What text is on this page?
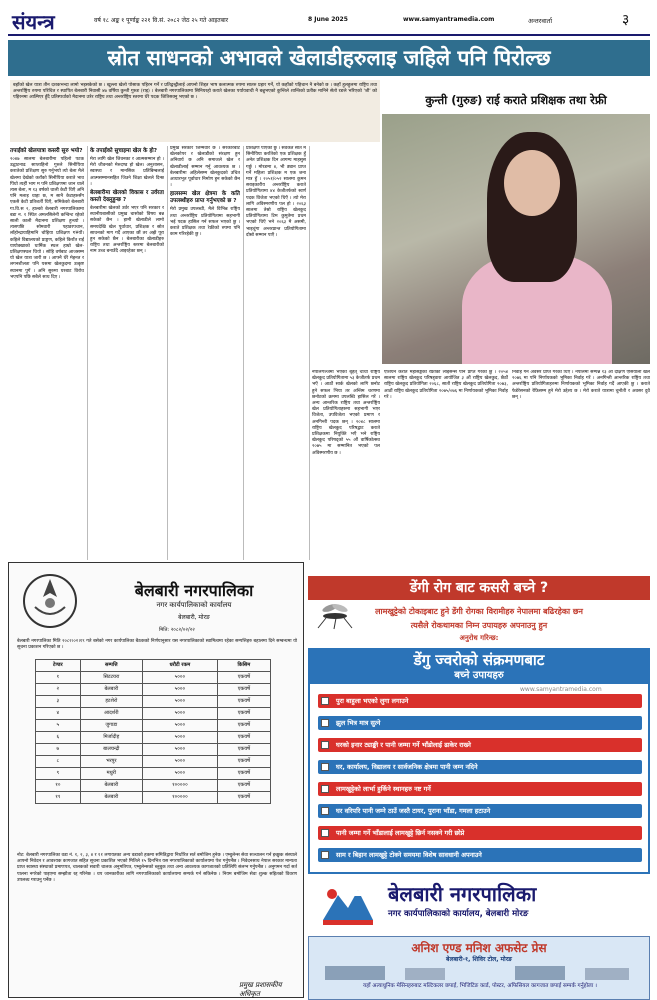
संयन्त्र	वर्ष १८ अङ्क १ पूर्णाङ्क २२१ वि.सं. २०८२ जेठ २५ गते आइतबार	8 June 2025	www.samyantramedia.com	अन्तरवार्ता	३
स्रोत साधनको अभावले खेलाडीहरुलाइ जहिले पनि पिरोल्छ

बहाँको खेल यात्रा तीन दशकभन्दा लामो भइसकेको छ । खुल्ला खेलो पोसाक पहिरन गर्ने र प्रतिद्वन्द्वीलाई आफ्नो शिद्दत भाष कलात्मक रुपमा सातरु प्रहार गर्ने, यो कहाँको पहिचान नै बनेको छ । कहाँ हुलहुलमा राष्ट्रिय तथा अन्तर्राष्ट्रिय रुपमा परिचित र स्थापित बेलबारी निवासी ४७ वर्षिया कुन्ती गुरुङ (राइ) । बेलबारी नगरपालिकामा सिनियरहो कराते खेलका पर्यायवाची नै बन्नुभएको कुन्तिले शान्तिको प्रतीक मानिने सेतो रङले भरिएको 'जी' को पहिरनमा आत्मिएर हुँदै प्रतिस्पर्धाको मैदानमा उत्रेर राष्ट्रिय तथा अन्तर्राष्ट्रिय स्तरमा धेरै पदक जितिसक्नु भएको छ ।	कुन्ती (गुरुङ) राई कराते प्रशिक्षक तथा रेफ्री
तपाईको खेलयात्रा कसरी सुरु भयो?

२०४७ सालमा बेलबारीमा पहिलो पटक उद्घाटनाढ साप्ताहिनो गुरुले सिनीयिया करातेको प्रशिक्षण सुरु गर्नुभयो त्यो बेला मैले खेलमा देखेको कराँको सिनीयिया कराते भाव पिंधो त्यहीं भाग म पनि प्रशिक्षणमा जान थालें त्यस बेला, म १३ वर्षको थाली केटी थिएँ अनि पनि मलाइ थाहा छ, म सानै केटाहरुसँग एकसै केटी प्रतिशर्ती थिएँ, समिकेको बेलबारी गा.वि.स २, हाल्को बेलबारी नगरपालिकामा बडा न. १ स्थित अमलसिलेनी कन्विन्ट रहेको साली काली मैदानमा प्रशिक्षण हुन्थ्यो । त्यसपछि सोमवारी पहाडरपचान, लाँहोन्द्रायाहिमानि चोहिया प्रशिक्षण ग¥यौं। कहिले विद्यालयको प्राङ्गण, कहिले किराँत राई यायोक्खाको धार्मिक स्थल हाम्रो खेल-प्रशिक्षणस्थल थियो । सोहि वर्षबाट आजसम्म यो खेल यात्रा जारी छ । आफ्नै धेरै मेहनत र लगनशीलता पनि यसमा खेलकुदमा उत्कृष्ट स्थानमा पुगें । अनि सुरुमा घरबाट विरोध भएपनि पछि सबैले साथ दिए ।

के तपाईको सुचाइमा खेल के हो?

मेरा लागि खेल जिवनका र आत्मसम्मान हो । मेरो जीवनको मेरुदण्ड हो खेल। अनुशासन, स्वास्थ्य र मानसिक प्रतिबिम्बलाई आत्मसम्मानसहित जिउने शिक्षा खेलले दिन्छ ।

बेलबारीमा खेलको विकास र उर्वरता कस्तो देख्नुहुन्छ ?

बेलबारीमा खेलको उर्वर भएर पनि सरकार र स्थानीयबासीको प्रमुख चासोको विषय बन्न सकेको छैन । हामी खेलाडीले लामो समयदेखि खेल पूर्वाधार, प्रशिक्षक र स्रोत साधनको माग गर्दै आएका छौं तर अझै पूरा हुन सकेको छैन । बेलबारीका खेलाडीहरु राष्ट्रिय तथा अन्तर्राष्ट्रिय स्तरमा बेलबारीको नाम उच्च बनाउँदै आइरहेका छन् ।

प्रमुख सरकार जिम्मेवार छ । सरकारबाट खेलकोपर र खेलाडीको संरक्षण हुन अनिवार्य छ अनि समाजले खेल र खेलाडीलाई सम्मान गर्नु आवश्यक छ । बेलबारीमा अहिलेसम्म खेलकुदको उचित आधारभूत पूर्वाधार निर्माण हुन सकेको छैन ।

हालसम्म खेल क्षेत्रमा के कति उपलब्धीहरु प्राप्त गर्नुभएको छ ?

मेरो प्रमुख उपलब्धी, मैले विभिन्न राष्ट्रिय तथा अन्तर्राष्ट्रिय प्रतियोगितामा सहभागी भई पदक हासिल गर्न सफल भएको छु । कराते प्रशिक्षक तथा रेफ्रीको रुपमा पनि काम गरिरहेकी छु ।

प्रशिक्षण पाएको छु । सर्वकत सात म सिनीयिया कराँतेको एक प्रशिक्षक हुँ अनेत प्रशिक्षक दिन आगम्य माहसुस गर्छु । मोरङमा ४, भी ड्यान प्राप्त गर्ने महिला प्रशिक्षक म एक जना मात्र हुँ । २०५१/०५२ सालमा कुमन सराइकारीय अन्तर्राष्ट्रिय कराते प्रतियोगितामा ४४ केजीतर्फको स्वर्ण पदक विजेता भएको थिएँ । त्यो मेरा लागि अविस्मरणीय पल हो । २०६३ सालमा तेस्रो राष्ट्रिय खेलकुद प्रतियोगितामा टिम कुमुतेमा प्रथम भएको थिएँ भने २०६३ मै असमी, भाइचुंगा अन्तरप्रान्त प्रतियोगितामा दोस्रो सम्मान पाएँ ।

नेपालगञ्जमा भएको बृहत् चौथो राष्ट्रिय खेलकुद प्रतियोगितामा ५३ केजीतर्फ प्रथम भएँ । आठौं सार्क खेलको लागि छनोट हुने सफल भिया तर अन्तिम चरणमा छनोटको क्रममा उपलब्धि हासिल गरें । अन्य आन्तरिक राष्ट्रिय तथा अन्तर्राष्ट्रिय खेल प्रतियोगिताहरुमा सहभागी भएर विजेता, उपविजेता भएको प्रमाण र अनगिन्ती पदक छन् । २०४८ सालमा राष्ट्रिय खेलकुद परिषद्बाट कराते प्रशिक्षकमा नियुक्ति भएँ भने राष्ट्रिय खेलकुद परिषद्को ५५ औं वार्षिकोत्सव २०७५ मा सम्मानित भएको पल अविस्मरणीय छ ।

एशियन कराते महासङ्घको रेफ्रीको लाइसेन्स पनि प्राप्त गरेको छु । २०५४ सालमा राष्ट्रिय खेलकुद परिषद्द्वारा आयोजित ३ औं राष्ट्रिय खेलकुद, छैठौं राष्ट्रिय खेलकुद प्रतियोगिता २०६८, सातौं राष्ट्रिय खेलकुद प्रतियोगिता २०७३, आठौं राष्ट्रिय खेलकुद प्रतियोगिता २०७५/०७६ मा निर्णायकको भूमिका निर्वाह गरें ।

निर्वाह गर्ने अवसर प्राप्त गरेको थिएँ । नेपालमा सम्पन्न १३ औं दक्षिण एसियाली खेल २०७६ मा पनि निर्णायकको भूमिका निर्वाह गरें । अनगिन्ती आन्तरिक राष्ट्रिय तथा अन्तर्राष्ट्रिय प्रतियोगिताहरुमा निर्णायकको भूमिका निर्वाह गर्दै आएकी छु । कराते फेडेरेसनको रेफ्रिसम्म हुने मेरो उद्देश्य छ । मेरो कराते यात्रामा चुनौती र अवसर दुवै छन् ।

बेलबारी नगरपालिका
नगर कार्यपालिकाको कार्यालय
बेलबारी, मोरङ
मिति: २०८२/०२/२२

बेलबारी नगरपालिका मिति २०८२।०२।१९ गते बसेको नगर कार्यपालिका बैठकको निर्णयानुसार यस नगरपालिकाको स्वामित्वमा रहेका सम्पत्तिहरु बहालमा दिने सम्बन्धमा यो सूचना प्रकाशन गरिएको छ ।

टेण्डर	सम्पत्ति	धरौटी रकम	किसिम
१	सिटटयरा	५०००	एकवर्षे
२	बेलबारी	५०००	एकवर्षे
३	हटशेरो	५०००	एकवर्षे
४	आदर्शरी	५०००	एकवर्षे
५	जुगाडा	५०००	एकवर्षे
६	मिर्जादीह	५०००	एकवर्षे
७	बालचन्द्री	५०००	एकवर्षे
८	भरपुर	५०००	एकवर्षे
९	मधुरी	५०००	एकवर्षे
१०	बेलबारी	१०००००	एकवर्षे
११	बेलबारी	१०००००	एकवर्षे

नोट: बेलबारी नगरपालिका वडा नं. १, २, ३, ४ र ११ लगायतका अन्य वडाको हकमा समितिद्वारा निर्धारित सर्त बमोजिम हुनेछ । एम्बुलेन्स सेवा सञ्चालन गर्न इच्छुक संस्थाले आफ्नो निवेदन र आवश्यक कागजात सहित सूचना प्रकाशित भएको मितिले १५ दिनभित्र यस नगरपालिकाको कार्यालयमा पेश गर्नुपर्नेछ । निवेदनसाथ नेपाल सरकार मान्यता प्राप्त स्वास्थ्य संस्थाको प्रमाणपत्र, चालकको सवारी चालक अनुमतिपत्र, एम्बुलेन्सको ब्लुबुक तथा अन्य आवश्यक कागजातको प्रतिलिपि संलग्न गर्नुपर्नेछ । अनुगमन गर्दा सर्त पालना नगरेको पाइएमा सम्झौता रद्द गरिनेछ । थप जानकारीका लागि नगरपालिकाको कार्यालयमा सम्पर्क गर्न सकिनेछ । नियम बमोजिम सेवा शुल्क सहितको विवरण उपलब्ध गराउनु पर्नेछ ।

प्रमुख प्रशासकीय अधिकृत
डेंगी रोग बाट कसरी बच्ने ?
लामखुट्टेको टोकाइबाट हुने डेंगी रोगका विरामीहरु नेपालमा बढिरहेका छन
त्यसैले रोकथामका निम्न उपायहरु अपनाउनु हुन
अनुरोध गरिन्छ:
डेंगु ज्वरोको संक्रमणबाट
बच्ने उपायहरु
www.samyantramedia.com
पुरा बाहुला भएको लुगा लगाउने
झुल भित्र मात्र सुत्ने
घरको इनार ट्याङ्की र पानी जम्मा गर्ने भाँडोलाई ढाकेर राख्ने
घर, कार्यालय, विद्यालय र सार्वजनिक क्षेत्रमा पानी जम्न नदिने
लामखुट्टेको लार्भा हुर्किने स्थानहरु नष्ट गर्ने
घर वरिपरि पानी जम्ने ठाउँ जस्तै टायर, पुराना भाँडा, गमला हटाउने
पानी जम्मा गर्ने भाँडालाई लामखुट्टे छिर्न नसक्ने गरी छोप्ने
साम र बिहान लामखुट्टे टोक्ने समयमा विशेष सावधानी अपनाउने
बेलबारी नगरपालिका
नगर कार्यपालिकाको कार्यालय, बेलबारी मोरङ
अनिश एण्ड मनिश अफसेट प्रेस
बेलबारी-१, शिविर टोल, मोरङ
यहाँ अत्याधुनिक मेसिनहरुबाट मल्टिकलर छपाई, भिजिटिङ कार्ड, पोस्टर, अफिसियल कागजात छपाई सम्पर्क गर्नुहोला ।
